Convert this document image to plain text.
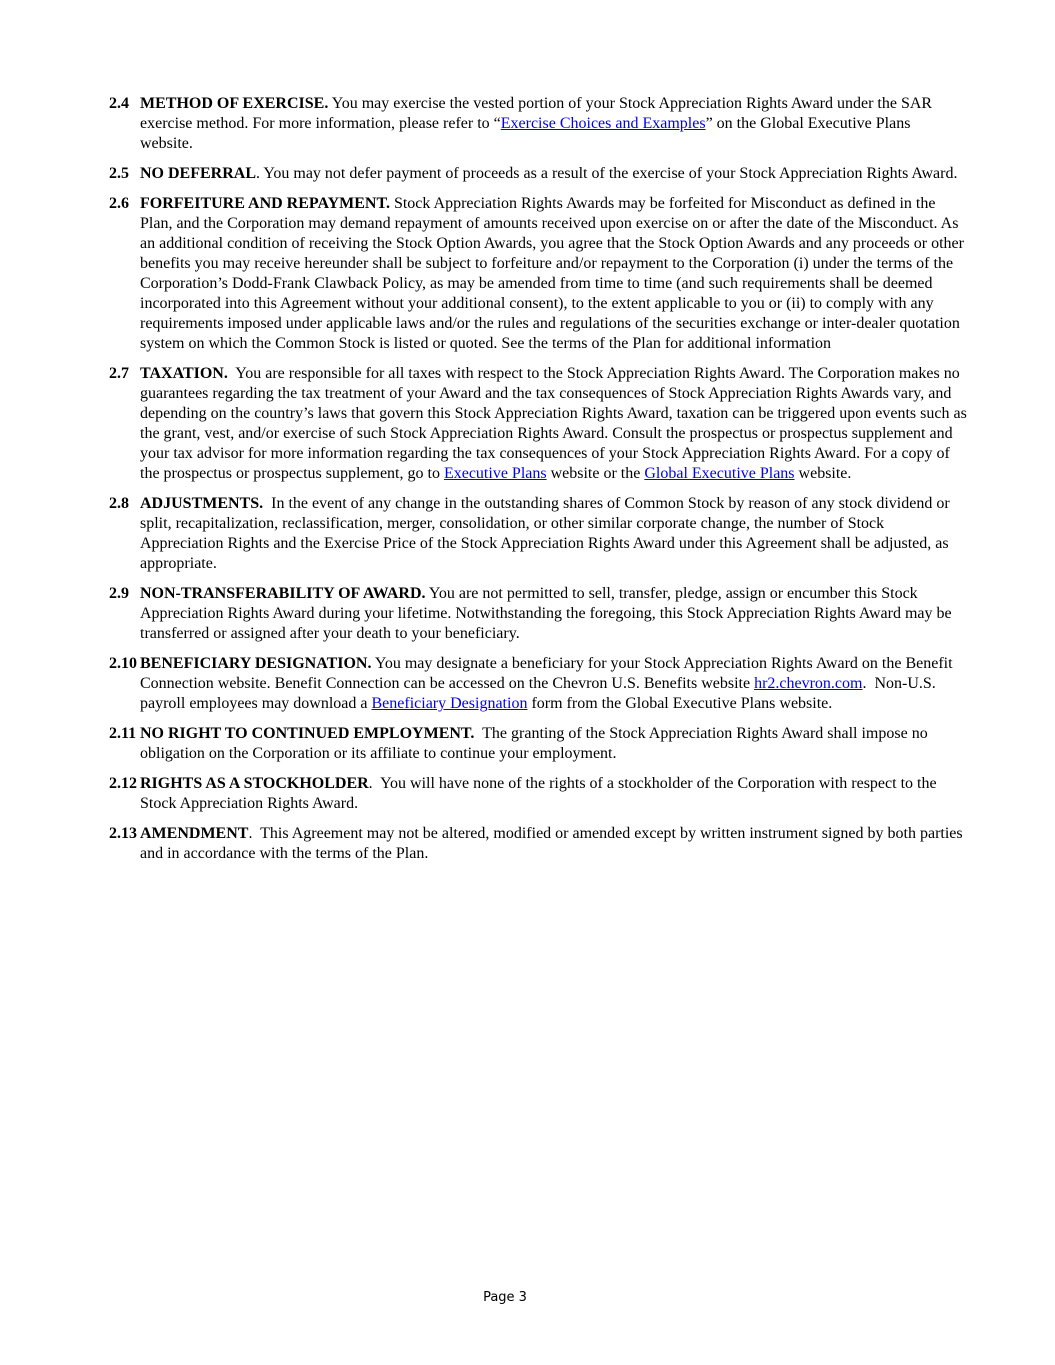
2.4 METHOD OF EXERCISE. You may exercise the vested portion of your Stock Appreciation Rights Award under the SAR exercise method. For more information, please refer to “Exercise Choices and Examples” on the Global Executive Plans website.
2.5 NO DEFERRAL. You may not defer payment of proceeds as a result of the exercise of your Stock Appreciation Rights Award.
2.6 FORFEITURE AND REPAYMENT. Stock Appreciation Rights Awards may be forfeited for Misconduct as defined in the Plan, and the Corporation may demand repayment of amounts received upon exercise on or after the date of the Misconduct. As an additional condition of receiving the Stock Option Awards, you agree that the Stock Option Awards and any proceeds or other benefits you may receive hereunder shall be subject to forfeiture and/or repayment to the Corporation (i) under the terms of the Corporation’s Dodd-Frank Clawback Policy, as may be amended from time to time (and such requirements shall be deemed incorporated into this Agreement without your additional consent), to the extent applicable to you or (ii) to comply with any requirements imposed under applicable laws and/or the rules and regulations of the securities exchange or inter-dealer quotation system on which the Common Stock is listed or quoted. See the terms of the Plan for additional information
2.7 TAXATION.  You are responsible for all taxes with respect to the Stock Appreciation Rights Award. The Corporation makes no guarantees regarding the tax treatment of your Award and the tax consequences of Stock Appreciation Rights Awards vary, and depending on the country’s laws that govern this Stock Appreciation Rights Award, taxation can be triggered upon events such as the grant, vest, and/or exercise of such Stock Appreciation Rights Award. Consult the prospectus or prospectus supplement and your tax advisor for more information regarding the tax consequences of your Stock Appreciation Rights Award. For a copy of the prospectus or prospectus supplement, go to Executive Plans website or the Global Executive Plans website.
2.8 ADJUSTMENTS.  In the event of any change in the outstanding shares of Common Stock by reason of any stock dividend or split, recapitalization, reclassification, merger, consolidation, or other similar corporate change, the number of Stock Appreciation Rights and the Exercise Price of the Stock Appreciation Rights Award under this Agreement shall be adjusted, as appropriate.
2.9 NON-TRANSFERABILITY OF AWARD. You are not permitted to sell, transfer, pledge, assign or encumber this Stock Appreciation Rights Award during your lifetime. Notwithstanding the foregoing, this Stock Appreciation Rights Award may be transferred or assigned after your death to your beneficiary.
2.10 BENEFICIARY DESIGNATION. You may designate a beneficiary for your Stock Appreciation Rights Award on the Benefit Connection website. Benefit Connection can be accessed on the Chevron U.S. Benefits website hr2.chevron.com.  Non-U.S. payroll employees may download a Beneficiary Designation form from the Global Executive Plans website.
2.11 NO RIGHT TO CONTINUED EMPLOYMENT.  The granting of the Stock Appreciation Rights Award shall impose no obligation on the Corporation or its affiliate to continue your employment.
2.12 RIGHTS AS A STOCKHOLDER.  You will have none of the rights of a stockholder of the Corporation with respect to the Stock Appreciation Rights Award.
2.13 AMENDMENT.  This Agreement may not be altered, modified or amended except by written instrument signed by both parties and in accordance with the terms of the Plan.
Page 3
